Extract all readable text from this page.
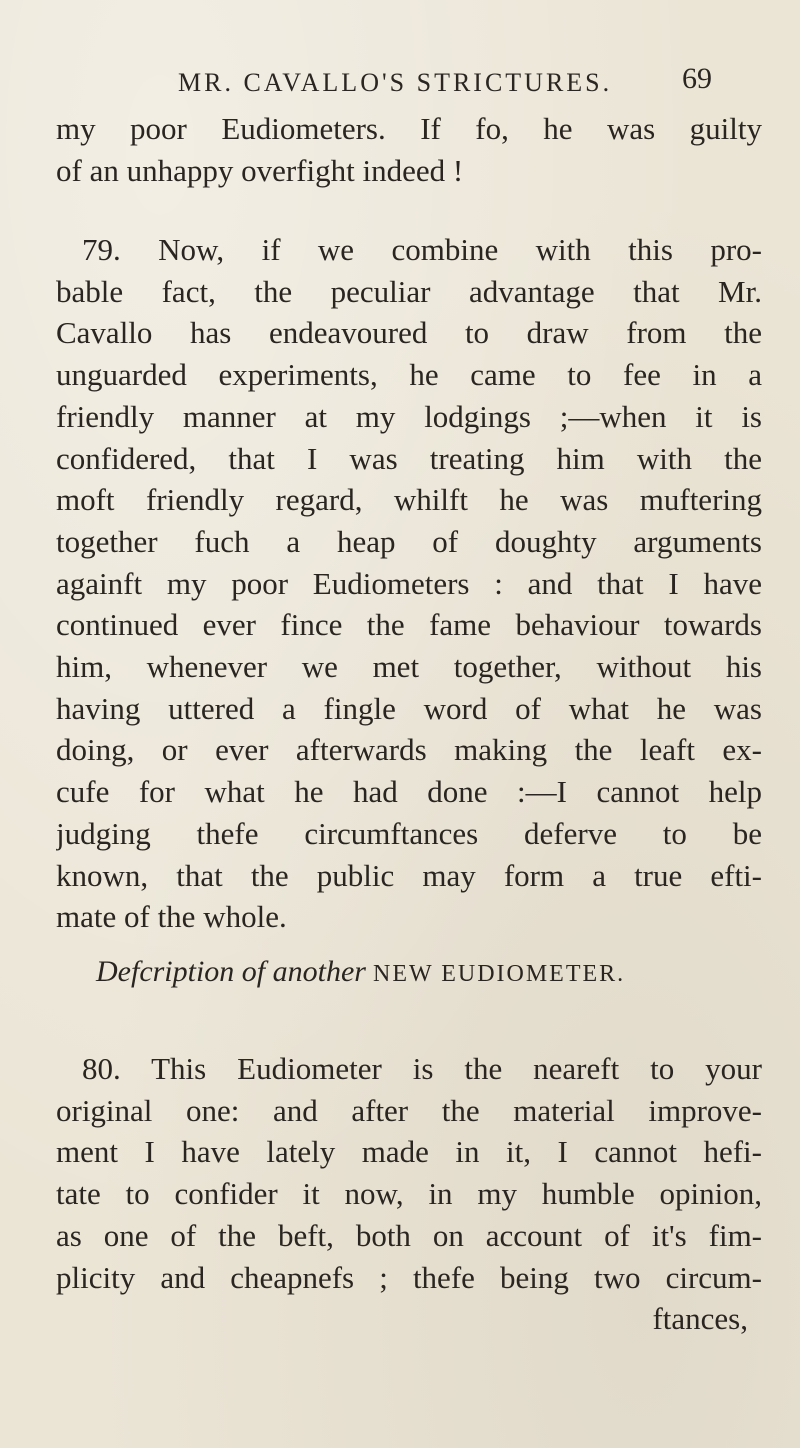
MR. CAVALLO'S STRICTURES.	69
my poor Eudiometers. If fo, he was guilty
of an unhappy overfight indeed !
79. Now, if we combine with this pro-
bable fact, the peculiar advantage that Mr.
Cavallo has endeavoured to draw from the
unguarded experiments, he came to fee in a
friendly manner at my lodgings ;—when it is
confidered, that I was treating him with the
moft friendly regard, whilft he was muftering
together fuch a heap of doughty arguments
againft my poor Eudiometers : and that I have
continued ever fince the fame behaviour towards
him, whenever we met together, without his
having uttered a fingle word of what he was
doing, or ever afterwards making the leaft ex-
cufe for what he had done :—I cannot help
judging thefe circumftances deferve to be
known, that the public may form a true efti-
mate of the whole.
Defcription of another NEW EUDIOMETER.
80. This Eudiometer is the neareft to your
original one: and after the material improve-
ment I have lately made in it, I cannot hefi-
tate to confider it now, in my humble opinion,
as one of the beft, both on account of it's fim-
plicity and cheapnefs ; thefe being two circum-
ftances,
